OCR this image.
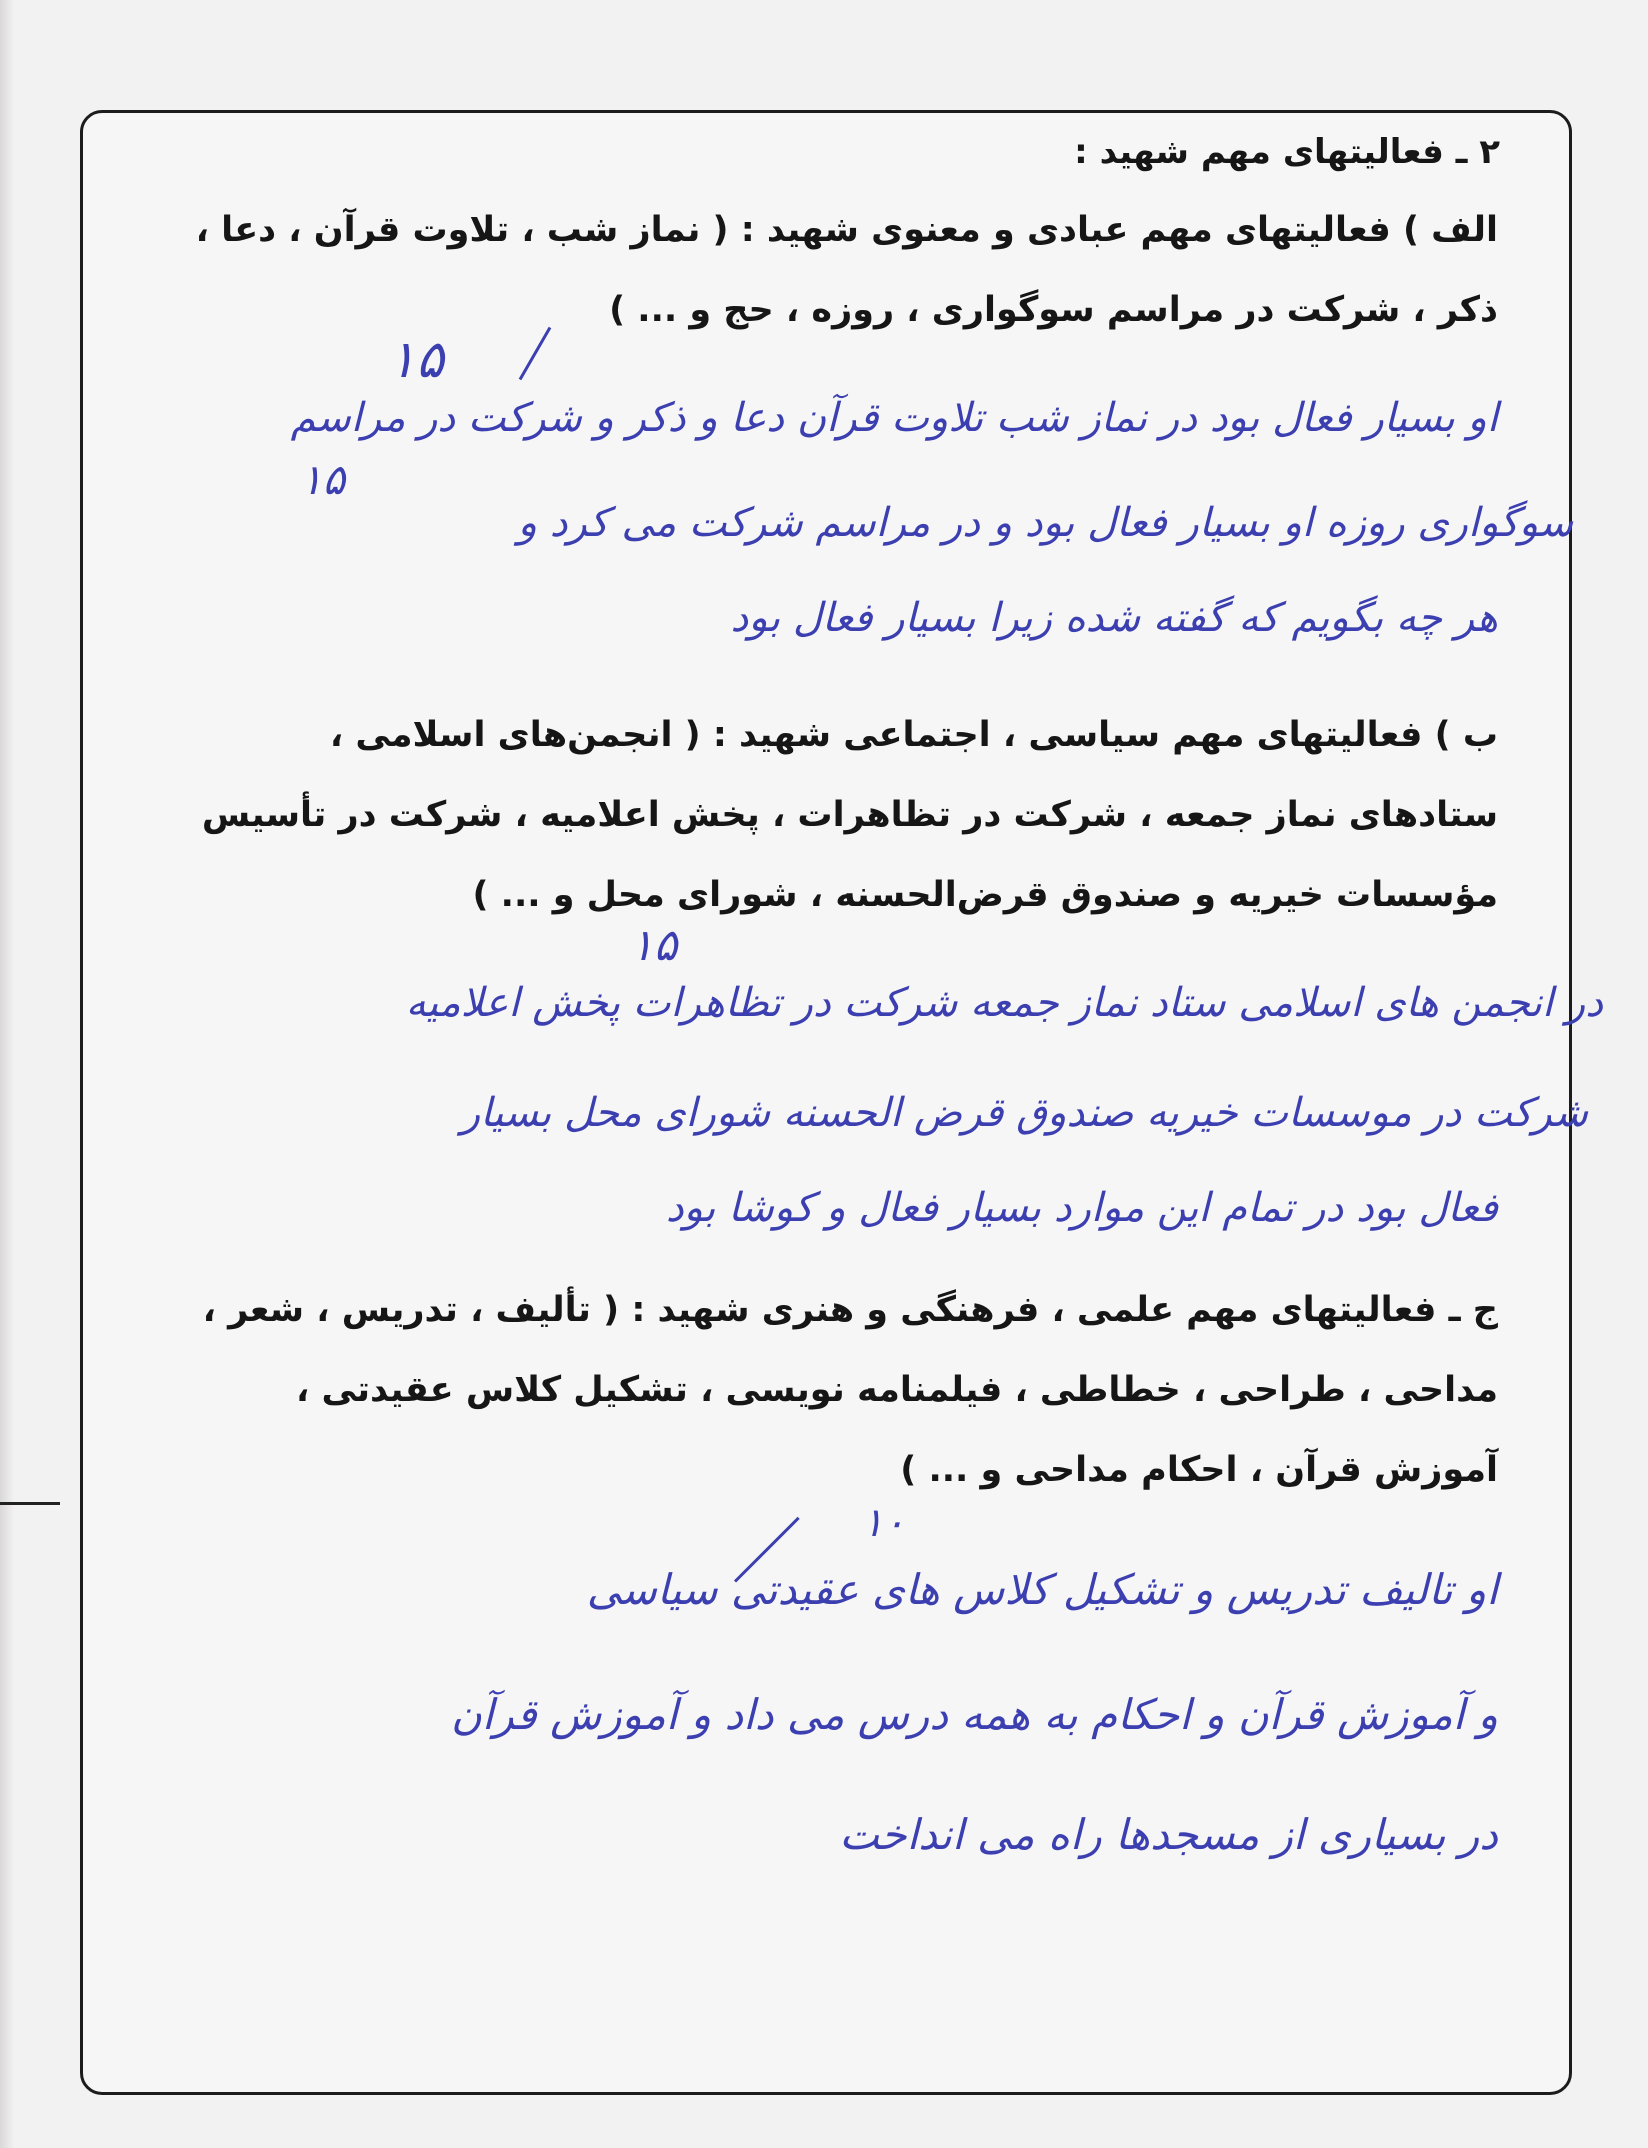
۲ ـ فعالیتهای مهم شهید :

الف ) فعالیتهای مهم عبادی و معنوی شهید : ( نماز شب ، تلاوت قرآن ، دعا ،

ذکر ، شرکت در مراسم سوگواری ، روزه ، حج و ... )

۱۵

او بسیار فعال بود در نماز شب تلاوت قرآن دعا و ذکر و شرکت در مراسم

۱۵

سوگواری روزه او بسیار فعال بود و در مراسم شرکت می کرد و

هر چه بگویم که گفته شده زیرا بسیار فعال بود

ب ) فعالیتهای مهم سیاسی ، اجتماعی شهید : ( انجمن‌های اسلامی ،

ستادهای نماز جمعه ، شرکت در تظاهرات ، پخش اعلامیه ، شرکت در تأسیس

مؤسسات خیریه و صندوق قرض‌الحسنه ، شورای محل و ... )

۱۵

در انجمن های اسلامی ستاد نماز جمعه شرکت در تظاهرات پخش اعلامیه

شرکت در موسسات خیریه صندوق قرض الحسنه شورای محل بسیار

فعال بود در تمام این موارد بسیار فعال و کوشا بود

ج ـ فعالیتهای مهم علمی ، فرهنگی و هنری شهید : ( تألیف ، تدریس ، شعر ،

مداحی ، طراحی ، خطاطی ، فیلمنامه نویسی ، تشکیل کلاس عقیدتی ،

آموزش قرآن ، احکام مداحی و ... )

۱۰

او تالیف تدریس و تشکیل کلاس های عقیدتی سیاسی

و آموزش قرآن و احکام به همه درس می داد و آموزش قرآن

در بسیاری از مسجدها راه می انداخت
